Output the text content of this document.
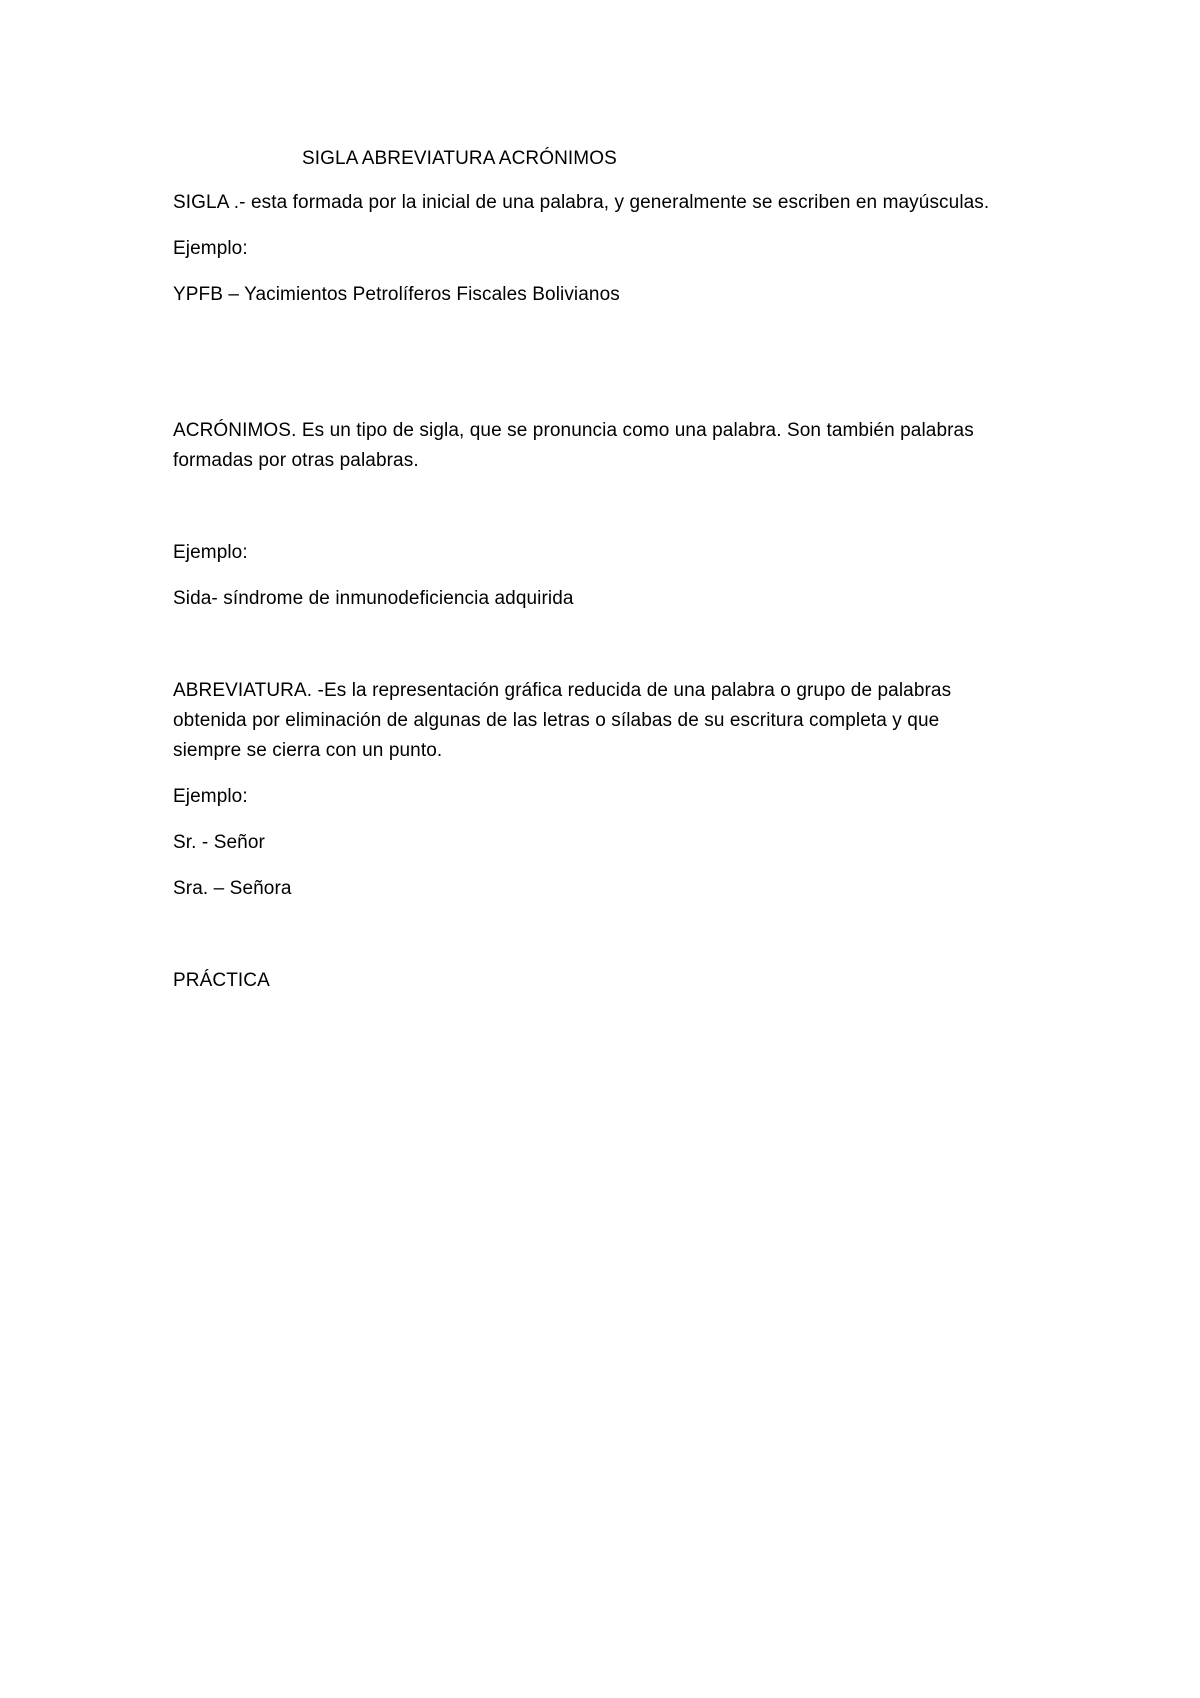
SIGLA ABREVIATURA ACRÓNIMOS
SIGLA .- esta formada por la inicial de una palabra, y generalmente se escriben en mayúsculas.
Ejemplo:
YPFB – Yacimientos Petrolíferos Fiscales Bolivianos
ACRÓNIMOS. Es un tipo de sigla, que se pronuncia como una palabra. Son también palabras
formadas por otras palabras.
Ejemplo:
Sida- síndrome de inmunodeficiencia adquirida
ABREVIATURA. -Es la representación gráfica reducida de una palabra o grupo de palabras
obtenida por eliminación de algunas de las letras o sílabas de su escritura completa y que
siempre se cierra con un punto.
Ejemplo:
Sr. - Señor
Sra. – Señora
PRÁCTICA
